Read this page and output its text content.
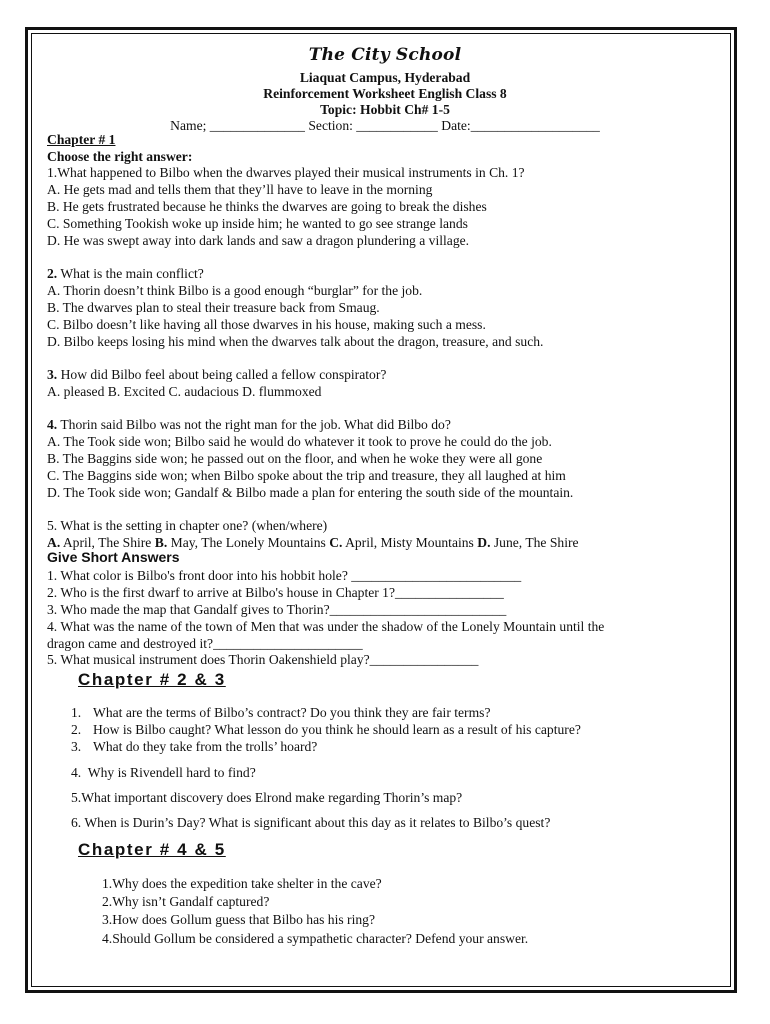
The City School
Liaquat Campus, Hyderabad
Reinforcement Worksheet English Class 8
Topic: Hobbit Ch# 1-5
Name; ______________ Section: ____________ Date:___________________
Chapter # 1
Choose the right answer:
1.What happened to Bilbo when the dwarves played their musical instruments in Ch. 1?
A. He gets mad and tells them that they’ll have to leave in the morning
B. He gets frustrated because he thinks the dwarves are going to break the dishes
C. Something Tookish woke up inside him; he wanted to go see strange lands
D. He was swept away into dark lands and saw a dragon plundering a village.
2. What is the main conflict?
A. Thorin doesn’t think Bilbo is a good enough “burglar” for the job.
B. The dwarves plan to steal their treasure back from Smaug.
C. Bilbo doesn’t like having all those dwarves in his house, making such a mess.
D. Bilbo keeps losing his mind when the dwarves talk about the dragon, treasure, and such.
3. How did Bilbo feel about being called a fellow conspirator?
A. pleased B. Excited C. audacious D. flummoxed
4. Thorin said Bilbo was not the right man for the job. What did Bilbo do?
A. The Took side won; Bilbo said he would do whatever it took to prove he could do the job.
B. The Baggins side won; he passed out on the floor, and when he woke they were all gone
C. The Baggins side won; when Bilbo spoke about the trip and treasure, they all laughed at him
D. The Took side won; Gandalf & Bilbo made a plan for entering the south side of the mountain.
5. What is the setting in chapter one? (when/where)
A. April, The Shire B. May, The Lonely Mountains C. April, Misty Mountains D. June, The Shire
Give Short Answers
1. What color is Bilbo's front door into his hobbit hole? _________________________
2. Who is the first dwarf to arrive at Bilbo's house in Chapter 1?________________
3. Who made the map that Gandalf gives to Thorin?__________________________
4. What was the name of the town of Men that was under the shadow of the Lonely Mountain until the
dragon came and destroyed it?______________________
5. What musical instrument does Thorin Oakenshield play?________________
Chapter # 2 & 3
1. What are the terms of Bilbo’s contract? Do you think they are fair terms?
2. How is Bilbo caught? What lesson do you think he should learn as a result of his capture?
3. What do they take from the trolls’ hoard?
4.  Why is Rivendell hard to find?
5.What important discovery does Elrond make regarding Thorin’s map?
6. When is Durin’s Day? What is significant about this day as it relates to Bilbo’s quest?
Chapter # 4 & 5
1.Why does the expedition take shelter in the cave?
2.Why isn’t Gandalf captured?
3.How does Gollum guess that Bilbo has his ring?
4.Should Gollum be considered a sympathetic character? Defend your answer.
